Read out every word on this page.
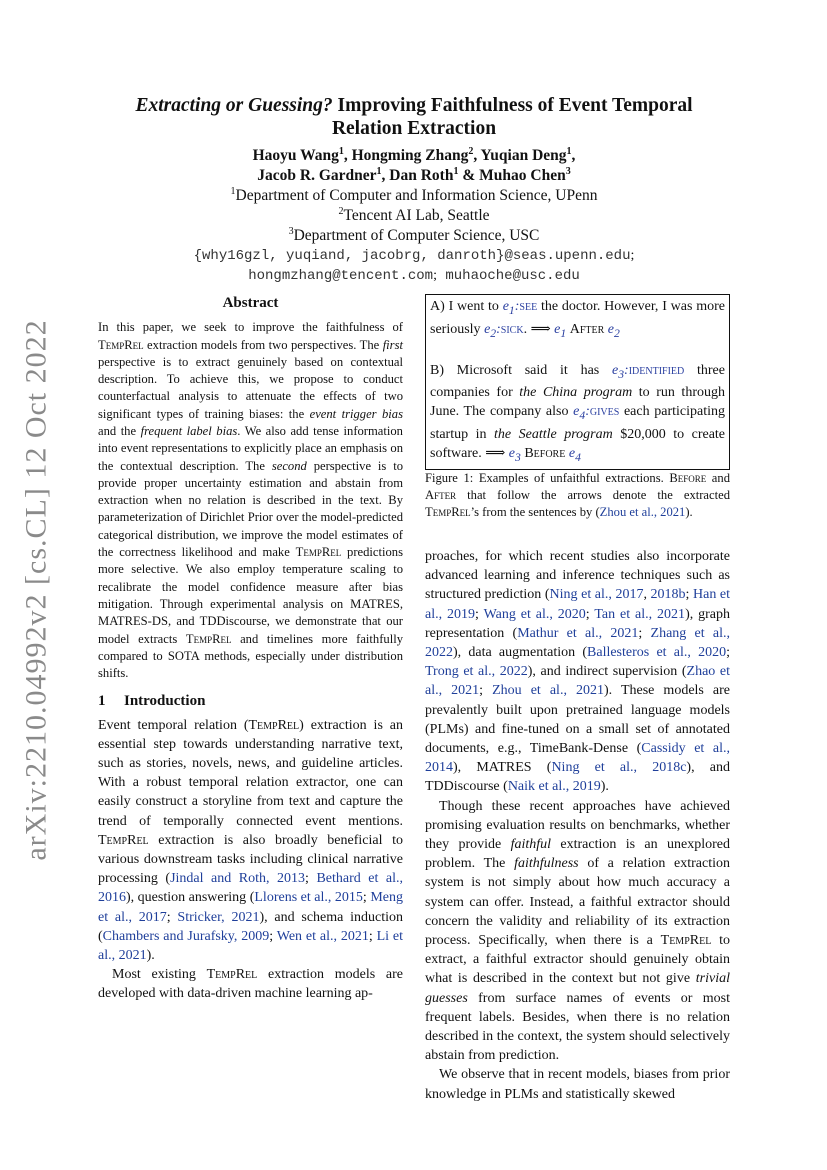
arXiv:2210.04992v2 [cs.CL] 12 Oct 2022
Extracting or Guessing? Improving Faithfulness of Event Temporal Relation Extraction
Haoyu Wang$^1$, Hongming Zhang$^2$, Yuqian Deng$^1$,
Jacob R. Gardner$^1$, Dan Roth$^1$ & Muhao Chen$^3$
$^1$Department of Computer and Information Science, UPenn
$^2$Tencent AI Lab, Seattle
$^3$Department of Computer Science, USC
{why16gzl, yuqiand, jacobrg, danroth}@seas.upenn.edu;
hongmzhang@tencent.com; muhaoche@usc.edu
Abstract

In this paper, we seek to improve the faithfulness of TempRel extraction models from two perspectives. The first perspective is to extract genuinely based on contextual description. To achieve this, we propose to conduct counterfactual analysis to attenuate the effects of two significant types of training biases: the event trigger bias and the frequent label bias. We also add tense information into event representations to explicitly place an emphasis on the contextual description. The second perspective is to provide proper uncertainty estimation and abstain from extraction when no relation is described in the text. By parameterization of Dirichlet Prior over the model-predicted categorical distribution, we improve the model estimates of the correctness likelihood and make TempRel predictions more selective. We also employ temperature scaling to recalibrate the model confidence measure after bias mitigation. Through experimental analysis on MATRES, MATRES-DS, and TDDiscourse, we demonstrate that our model extracts TempRel and timelines more faithfully compared to SOTA methods, especially under distribution shifts.

1 Introduction

Event temporal relation (TempRel) extraction is an essential step towards understanding narrative text, such as stories, novels, news, and guideline articles. With a robust temporal relation extractor, one can easily construct a storyline from text and capture the trend of temporally connected event mentions. TempRel extraction is also broadly beneficial to various downstream tasks including clinical narrative processing (Jindal and Roth, 2013; Bethard et al., 2016), question answering (Llorens et al., 2015; Meng et al., 2017; Stricker, 2021), and schema induction (Chambers and Jurafsky, 2009; Wen et al., 2021; Li et al., 2021).

Most existing TempRel extraction models are developed with data-driven machine learning ap-

A) I went to $e_1:see$ the doctor. However, I was more seriously $e_2:sick$. ⟹ $e_1$ After $e_2$

B) Microsoft said it has $e_3:identified$ three companies for the China program to run through June. The company also $e_4:gives$ each participating startup in the Seattle program $20,000 to create software. ⟹ $e_3$ Before $e_4$

Figure 1: Examples of unfaithful extractions. Before and After that follow the arrows denote the extracted TempRel’s from the sentences by (Zhou et al., 2021).

proaches, for which recent studies also incorporate advanced learning and inference techniques such as structured prediction (Ning et al., 2017, 2018b; Han et al., 2019; Wang et al., 2020; Tan et al., 2021), graph representation (Mathur et al., 2021; Zhang et al., 2022), data augmentation (Ballesteros et al., 2020; Trong et al., 2022), and indirect supervision (Zhao et al., 2021; Zhou et al., 2021). These models are prevalently built upon pretrained language models (PLMs) and fine-tuned on a small set of annotated documents, e.g., TimeBank-Dense (Cassidy et al., 2014), MATRES (Ning et al., 2018c), and TDDiscourse (Naik et al., 2019).

Though these recent approaches have achieved promising evaluation results on benchmarks, whether they provide faithful extraction is an unexplored problem. The faithfulness of a relation extraction system is not simply about how much accuracy a system can offer. Instead, a faithful extractor should concern the validity and reliability of its extraction process. Specifically, when there is a TempRel to extract, a faithful extractor should genuinely obtain what is described in the context but not give trivial guesses from surface names of events or most frequent labels. Besides, when there is no relation described in the context, the system should selectively abstain from prediction.

We observe that in recent models, biases from prior knowledge in PLMs and statistically skewed
